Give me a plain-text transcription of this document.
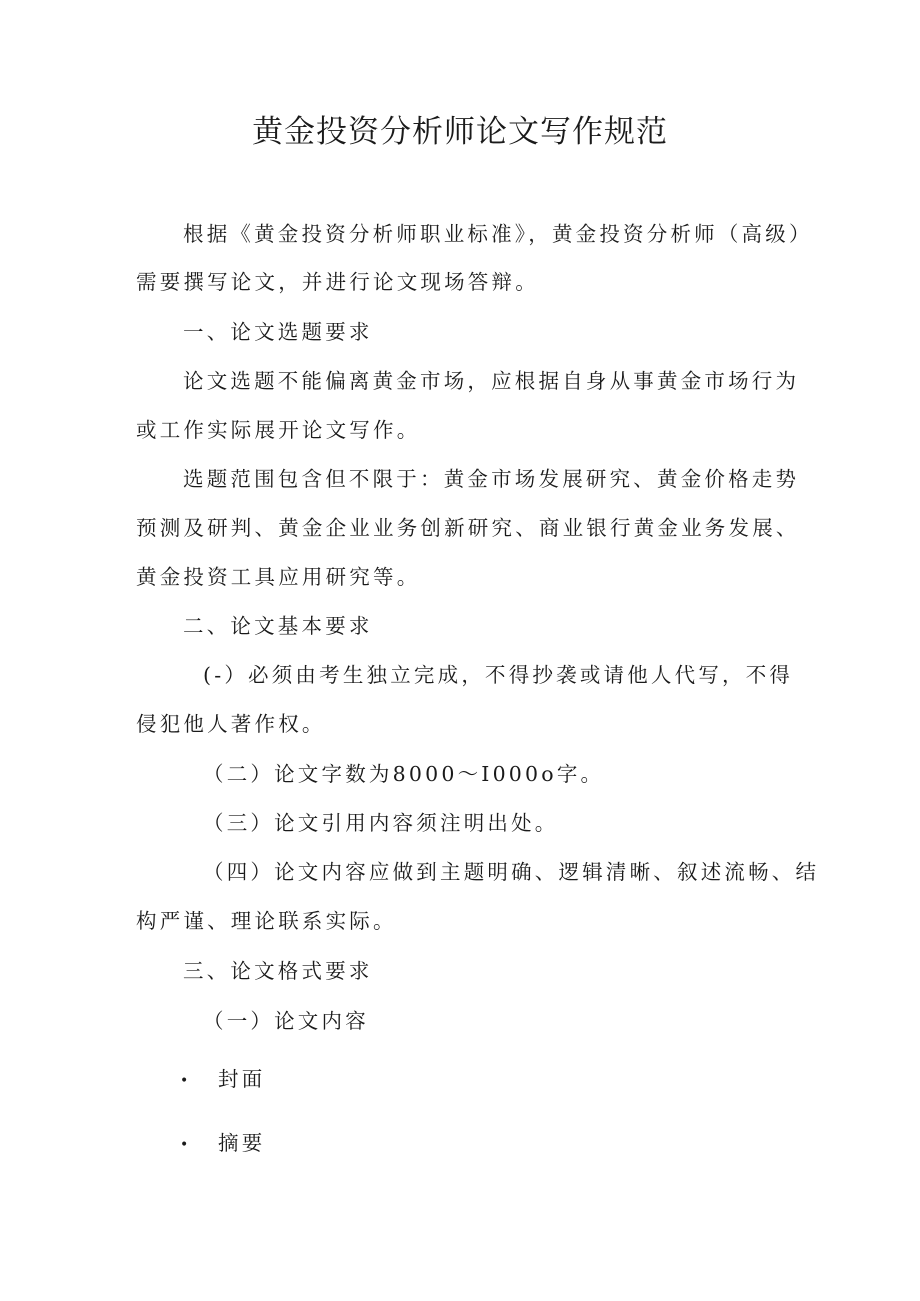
黄金投资分析师论文写作规范
根据《黄金投资分析师职业标准》，黄金投资分析师（高级）
需要撰写论文，并进行论文现场答辩。
一、论文选题要求
论文选题不能偏离黄金市场，应根据自身从事黄金市场行为
或工作实际展开论文写作。
选题范围包含但不限于：黄金市场发展研究、黄金价格走势
预测及研判、黄金企业业务创新研究、商业银行黄金业务发展、
黄金投资工具应用研究等。
二、论文基本要求
(-）必须由考生独立完成，不得抄袭或请他人代写，不得
侵犯他人著作权。
（二）论文字数为8000～I000o字。
（三）论文引用内容须注明出处。
（四）论文内容应做到主题明确、逻辑清晰、叙述流畅、结
构严谨、理论联系实际。
三、论文格式要求
（一）论文内容
• 封面
• 摘要
